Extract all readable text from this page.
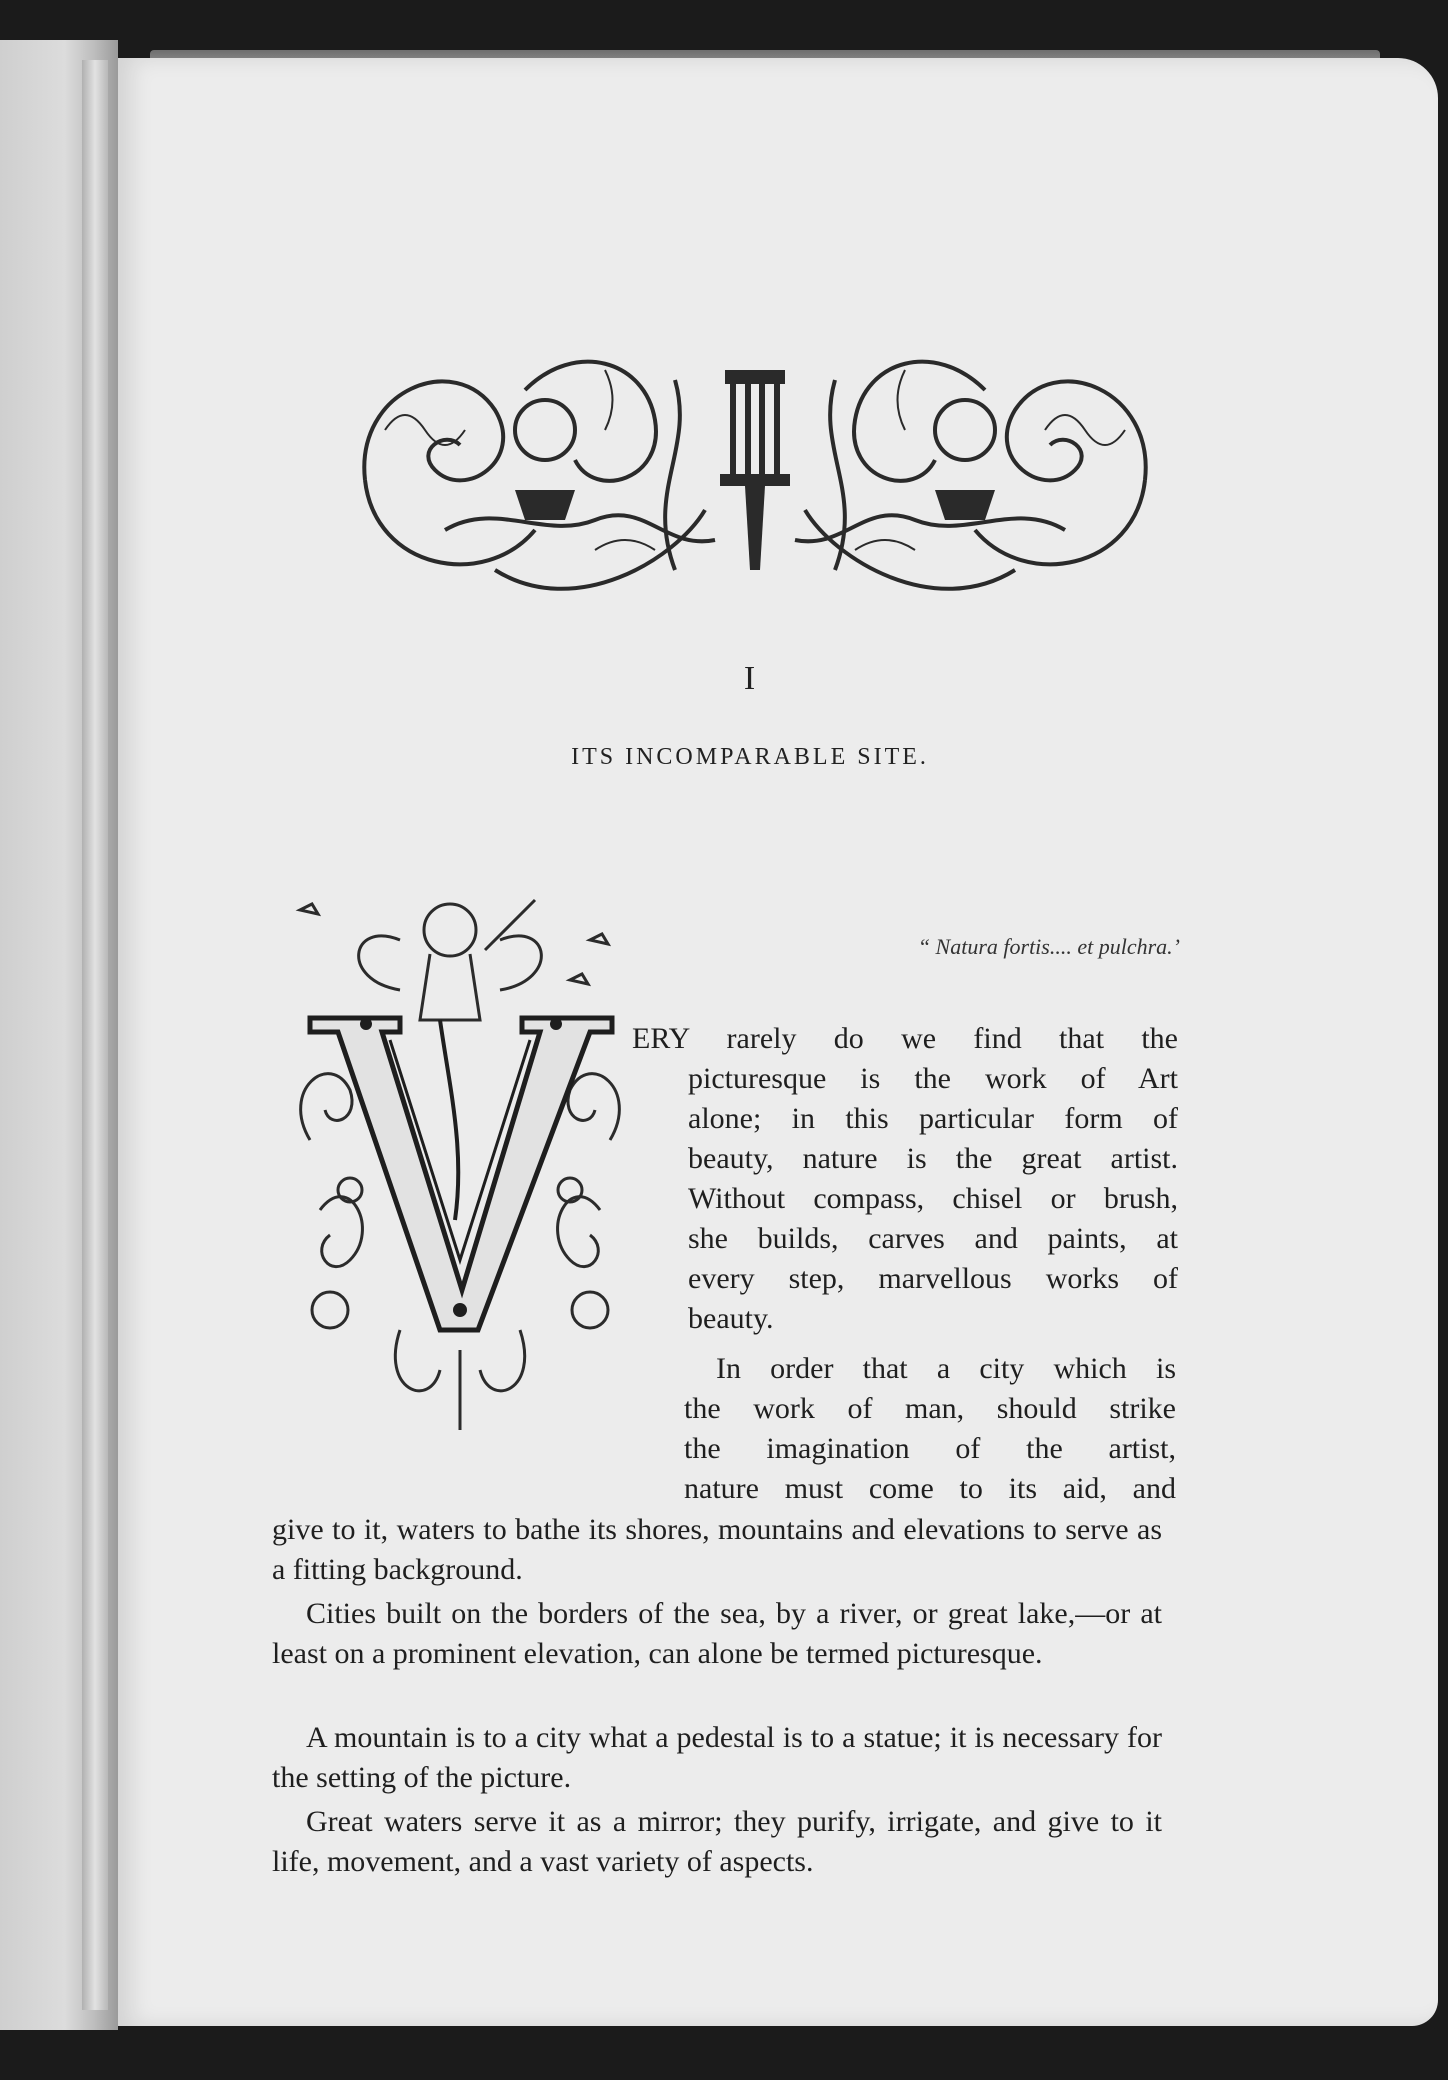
I
ITS INCOMPARABLE SITE.
“ Natura fortis.... et pulchra.’
ERY rarely do we find that the
picturesque is the work of Art
alone; in this particular form of
beauty, nature is the great artist.
Without compass, chisel or brush,
she builds, carves and paints, at
every step, marvellous works of
beauty.
In order that a city which is
the work of man, should strike
the imagination of the artist,
nature must come to its aid, and

give to it, waters to bathe its shores, mountains and elevations to serve as a fitting background.

Cities built on the borders of the sea, by a river, or great lake,—or at least on a prominent elevation, can alone be termed picturesque.

A mountain is to a city what a pedestal is to a statue; it is necessary for the setting of the picture.

Great waters serve it as a mirror; they purify, irrigate, and give to it life, movement, and a vast variety of aspects.
